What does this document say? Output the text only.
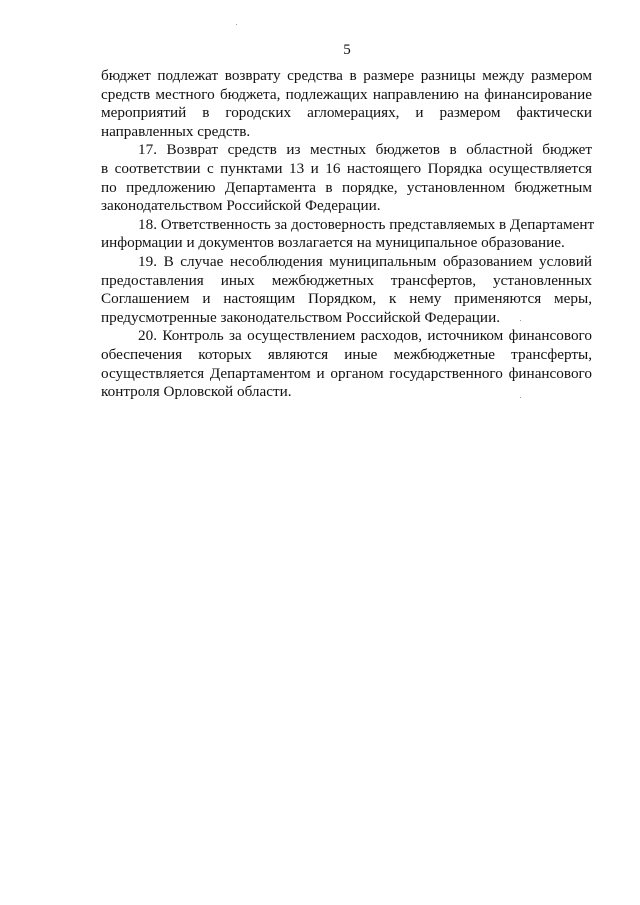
5

бюджет подлежат возврату средства в размере разницы между размером
средств местного бюджета, подлежащих направлению на финансирование
мероприятий в городских агломерациях, и размером фактически
направленных средств.

17. Возврат средств из местных бюджетов в областной бюджет
в соответствии с пунктами 13 и 16 настоящего Порядка осуществляется
по предложению Департамента в порядке, установленном бюджетным
законодательством Российской Федерации.

18. Ответственность за достоверность представляемых в Департамент
информации и документов возлагается на муниципальное образование.

19. В случае несоблюдения муниципальным образованием условий
предоставления иных межбюджетных трансфертов, установленных
Соглашением и настоящим Порядком, к нему применяются меры,
предусмотренные законодательством Российской Федерации.

20. Контроль за осуществлением расходов, источником финансового
обеспечения которых являются иные межбюджетные трансферты,
осуществляется Департаментом и органом государственного финансового
контроля Орловской области.
